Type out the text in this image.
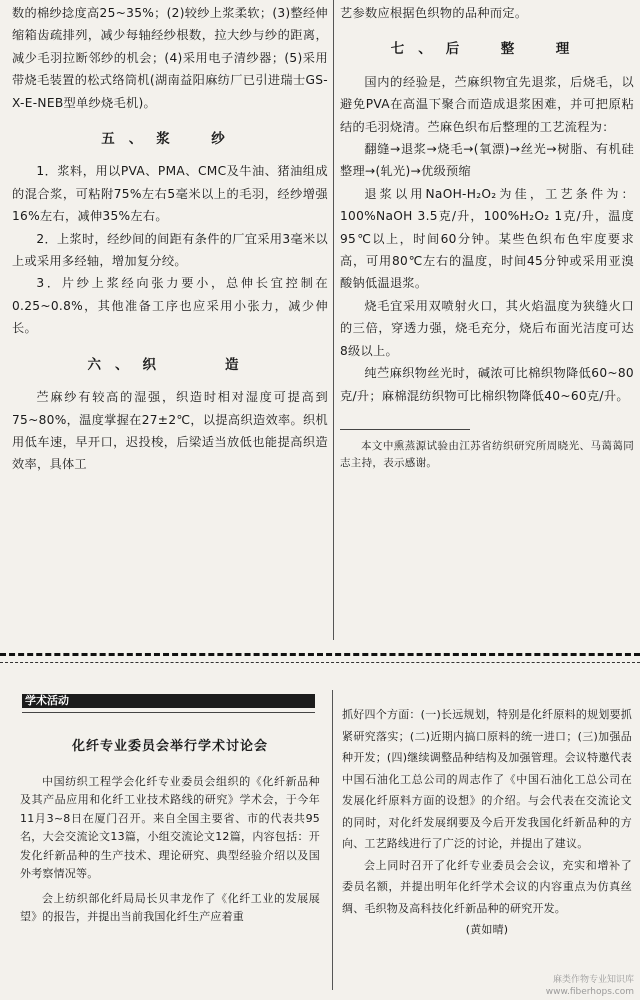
数的棉纱捻度高25~35%；(2)较纱上浆柔软；(3)整经伸缩箱齿疏排列，减少每轴经纱根数，拉大纱与纱的距离，减少毛羽拉断邻纱的机会；(4)采用电子清纱器；(5)采用带烧毛装置的松式络筒机(湖南益阳麻纺厂已引进瑞士GS-X-E-NEB型单纱烧毛机)。

五、浆　纱

1．浆料，用以PVA、PMA、CMC及牛油、猪油组成的混合浆，可粘附75%左右5毫米以上的毛羽，经纱增强16%左右，减伸35%左右。

2．上浆时，经纱间的间距有条件的厂宜采用3毫米以上或采用多经轴，增加复分绞。

3．片纱上浆经向张力要小，总伸长宜控制在0.25~0.8%，其他准备工序也应采用小张力，减少伸长。

六、织　　造

苎麻纱有较高的湿强，织造时相对湿度可提高到75~80%，温度掌握在27±2℃，以提高织造效率。织机用低车速，早开口，迟投梭，后梁适当放低也能提高织造效率，具体工

艺参数应根据色织物的品种而定。

七、后　整　理

国内的经验是，苎麻织物宜先退浆，后烧毛，以避免PVA在高温下聚合而造成退浆困难，并可把原粘结的毛羽烧清。苎麻色织布后整理的工艺流程为：

翻缝→退浆→烧毛→(氧漂)→丝光→树脂、有机硅整理→(轧光)→优级预缩

退浆以用NaOH-H₂O₂为佳，工艺条件为：100%NaOH 3.5克/升，100%H₂O₂ 1克/升，温度95℃以上，时间60分钟。某些色织布色牢度要求高，可用80℃左右的温度，时间45分钟或采用亚溴酸钠低温退浆。

烧毛宜采用双喷射火口，其火焰温度为狭缝火口的三倍，穿透力强，烧毛充分，烧后布面光洁度可达8级以上。

纯苎麻织物丝光时，碱浓可比棉织物降低60~80克/升；麻棉混纺织物可比棉织物降低40~60克/升。

本文中熏蒸源试验由江苏省纺织研究所周晓光、马蔼蔼同志主持，表示感谢。

学术活动
化纤专业委员会举行学术讨论会

中国纺织工程学会化纤专业委员会组织的《化纤新品种及其产品应用和化纤工业技术路线的研究》学术会，于今年11月3~8日在厦门召开。来自全国主要省、市的代表共95名，大会交流论文13篇，小组交流论文12篇，内容包括：开发化纤新品种的生产技术、理论研究、典型经验介绍以及国外考察情况等。

会上纺织部化纤局局长贝聿龙作了《化纤工业的发展展望》的报告，并提出当前我国化纤生产应着重

抓好四个方面：(一)长远规划，特别是化纤原料的规划要抓紧研究落实；(二)近期内搞口原料的统一进口；(三)加强品种开发；(四)继续调整品种结构及加强管理。会议特邀代表中国石油化工总公司的周志作了《中国石油化工总公司在发展化纤原料方面的设想》的介绍。与会代表在交流论文的同时，对化纤发展纲要及今后开发我国化纤新品种的方向、工艺路线进行了广泛的讨论，并提出了建议。

会上同时召开了化纤专业委员会会议，充实和增补了委员名额，并提出明年化纤学术会议的内容重点为仿真丝绸、毛织物及高科技化纤新品种的研究开发。

(黄如晴)

麻类作物专业知识库
www.fiberhops.com
